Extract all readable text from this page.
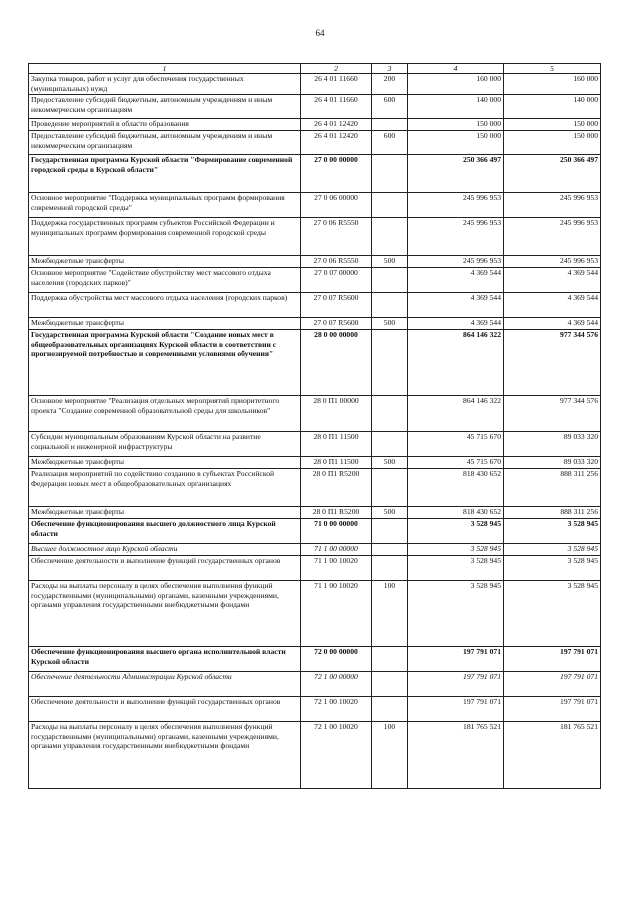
64
1	2	3	4	5
Закупка товаров, работ и услуг для обеспечения государственных (муниципальных) нужд	26 4 01 11660	200	160 000	160 000
Предоставление субсидий бюджетным, автономным учреждениям и иным некоммерческим организациям	26 4 01 11660	600	140 000	140 000
Проведение мероприятий в области образования	26 4 01 12420		150 000	150 000
Предоставление субсидий бюджетным, автономным учреждениям и иным некоммерческим организациям	26 4 01 12420	600	150 000	150 000
Государственная программа Курской области "Формирование современной городской среды в Курской области"	27 0 00 00000		250 366 497	250 366 497
Основное мероприятие "Поддержка муниципальных программ формирования современной городской среды"	27 0 06 00000		245 996 953	245 996 953
Поддержка государственных программ субъектов Российской Федерации и муниципальных программ формирования современной городской среды	27 0 06 R5550		245 996 953	245 996 953
Межбюджетные трансферты	27 0 06 R5550	500	245 996 953	245 996 953
Основное мероприятие "Содействие обустройству мест массового отдыха населения (городских парков)"	27 0 07 00000		4 369 544	4 369 544
Поддержка обустройства мест массового отдыха населения (городских парков)	27 0 07 R5600		4 369 544	4 369 544
Межбюджетные трансферты	27 0 07 R5600	500	4 369 544	4 369 544
Государственная программа Курской области "Создание новых мест в общеобразовательных организациях Курской области в соответствии с прогнозируемой потребностью и современными условиями обучения"	28 0 00 00000		864 146 322	977 344 576
Основное мероприятие "Реализация отдельных мероприятий приоритетного проекта "Создание современной образовательной среды для школьников"	28 0 П1 00000		864 146 322	977 344 576
Субсидии муниципальным образованиям Курской области на развитие социальной и инженерной инфраструктуры	28 0 П1 11500		45 715 670	89 033 320
Межбюджетные трансферты	28 0 П1 11500	500	45 715 670	89 033 320
Реализация мероприятий по содействию созданию в субъектах Российской Федерации новых мест в общеобразовательных организациях	28 0 П1 R5200		818 430 652	888 311 256
Межбюджетные трансферты	28 0 П1 R5200	500	818 430 652	888 311 256
Обеспечение функционирования высшего должностного лица Курской области	71 0 00 00000		3 528 945	3 528 945
Высшее должностное лицо Курской области	71 1 00 00000		3 528 945	3 528 945
Обеспечение деятельности и выполнение функций государственных органов	71 1 00 10020		3 528 945	3 528 945
Расходы на выплаты персоналу в целях обеспечения выполнения функций государственными (муниципальными) органами, казенными учреждениями, органами управления государственными внебюджетными фондами	71 1 00 10020	100	3 528 945	3 528 945
Обеспечение функционирования высшего органа исполнительной власти Курской области	72 0 00 00000		197 791 071	197 791 071
Обеспечение деятельности Администрации Курской области	72 1 00 00000		197 791 071	197 791 071
Обеспечение деятельности и выполнение функций государственных органов	72 1 00 10020		197 791 071	197 791 071
Расходы на выплаты персоналу в целях обеспечения выполнения функций государственными (муниципальными) органами, казенными учреждениями, органами управления государственными внебюджетными фондами	72 1 00 10020	100	181 765 521	181 765 521
